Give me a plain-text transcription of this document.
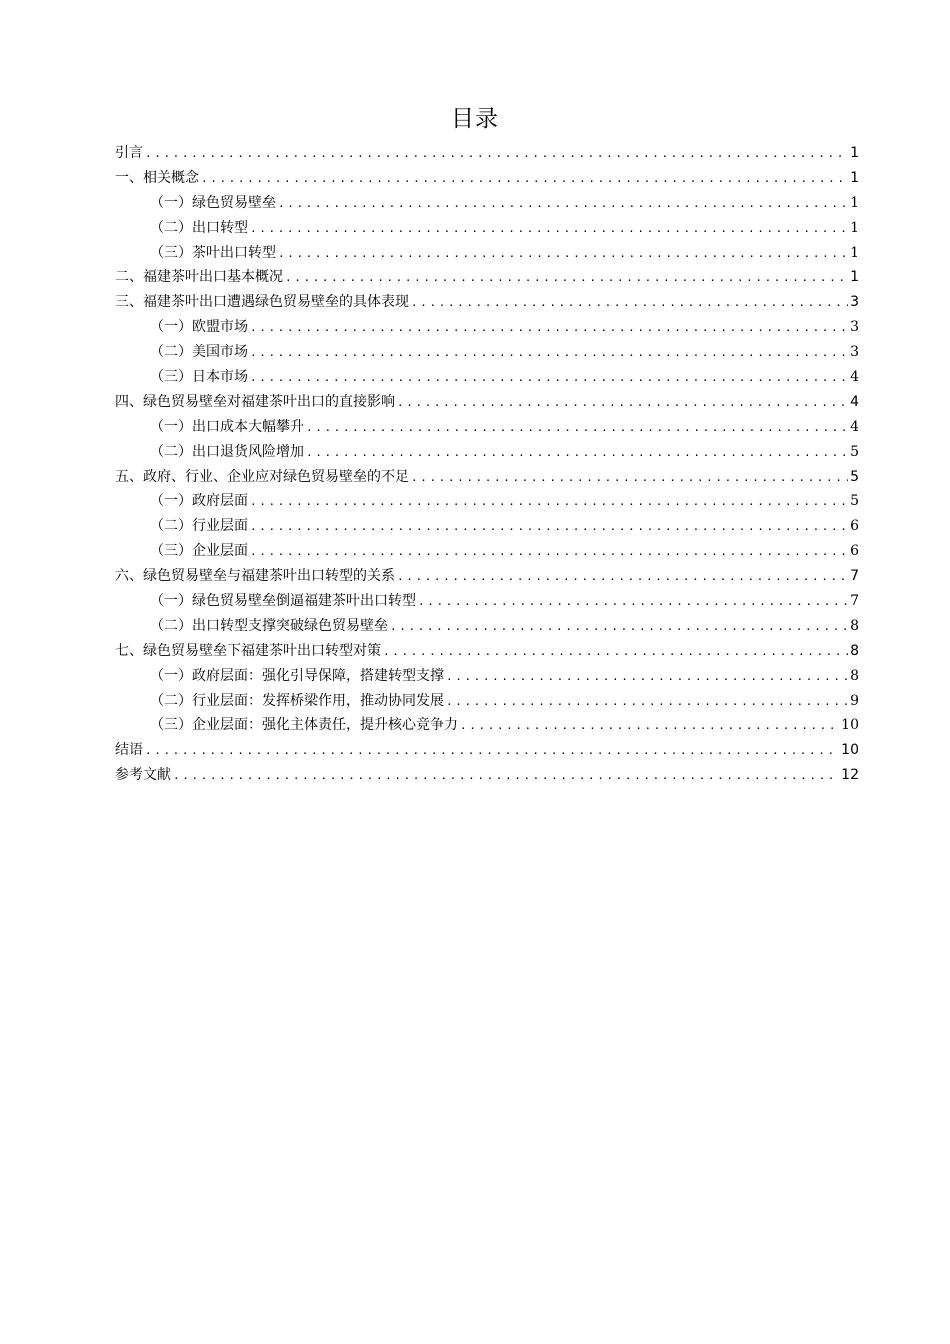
目录
引言 .....	1
一、相关概念 .....	1
（一）绿色贸易壁垒 .....	1
（二）出口转型 .....	1
（三）茶叶出口转型 .....	1
二、福建茶叶出口基本概况 .....	1
三、福建茶叶出口遭遇绿色贸易壁垒的具体表现 .....	3
（一）欧盟市场 .....	3
（二）美国市场 .....	3
（三）日本市场 .....	4
四、绿色贸易壁垒对福建茶叶出口的直接影响 .....	4
（一）出口成本大幅攀升 .....	4
（二）出口退货风险增加 .....	5
五、政府、行业、企业应对绿色贸易壁垒的不足 .....	5
（一）政府层面 .....	5
（二）行业层面 .....	6
（三）企业层面 .....	6
六、绿色贸易壁垒与福建茶叶出口转型的关系 .....	7
（一）绿色贸易壁垒倒逼福建茶叶出口转型 .....	7
（二）出口转型支撑突破绿色贸易壁垒 .....	8
七、绿色贸易壁垒下福建茶叶出口转型对策 .....	8
（一）政府层面：强化引导保障，搭建转型支撑 .....	8
（二）行业层面：发挥桥梁作用，推动协同发展 .....	9
（三）企业层面：强化主体责任，提升核心竞争力 .....	10
结语 .....	10
参考文献 .....	12
